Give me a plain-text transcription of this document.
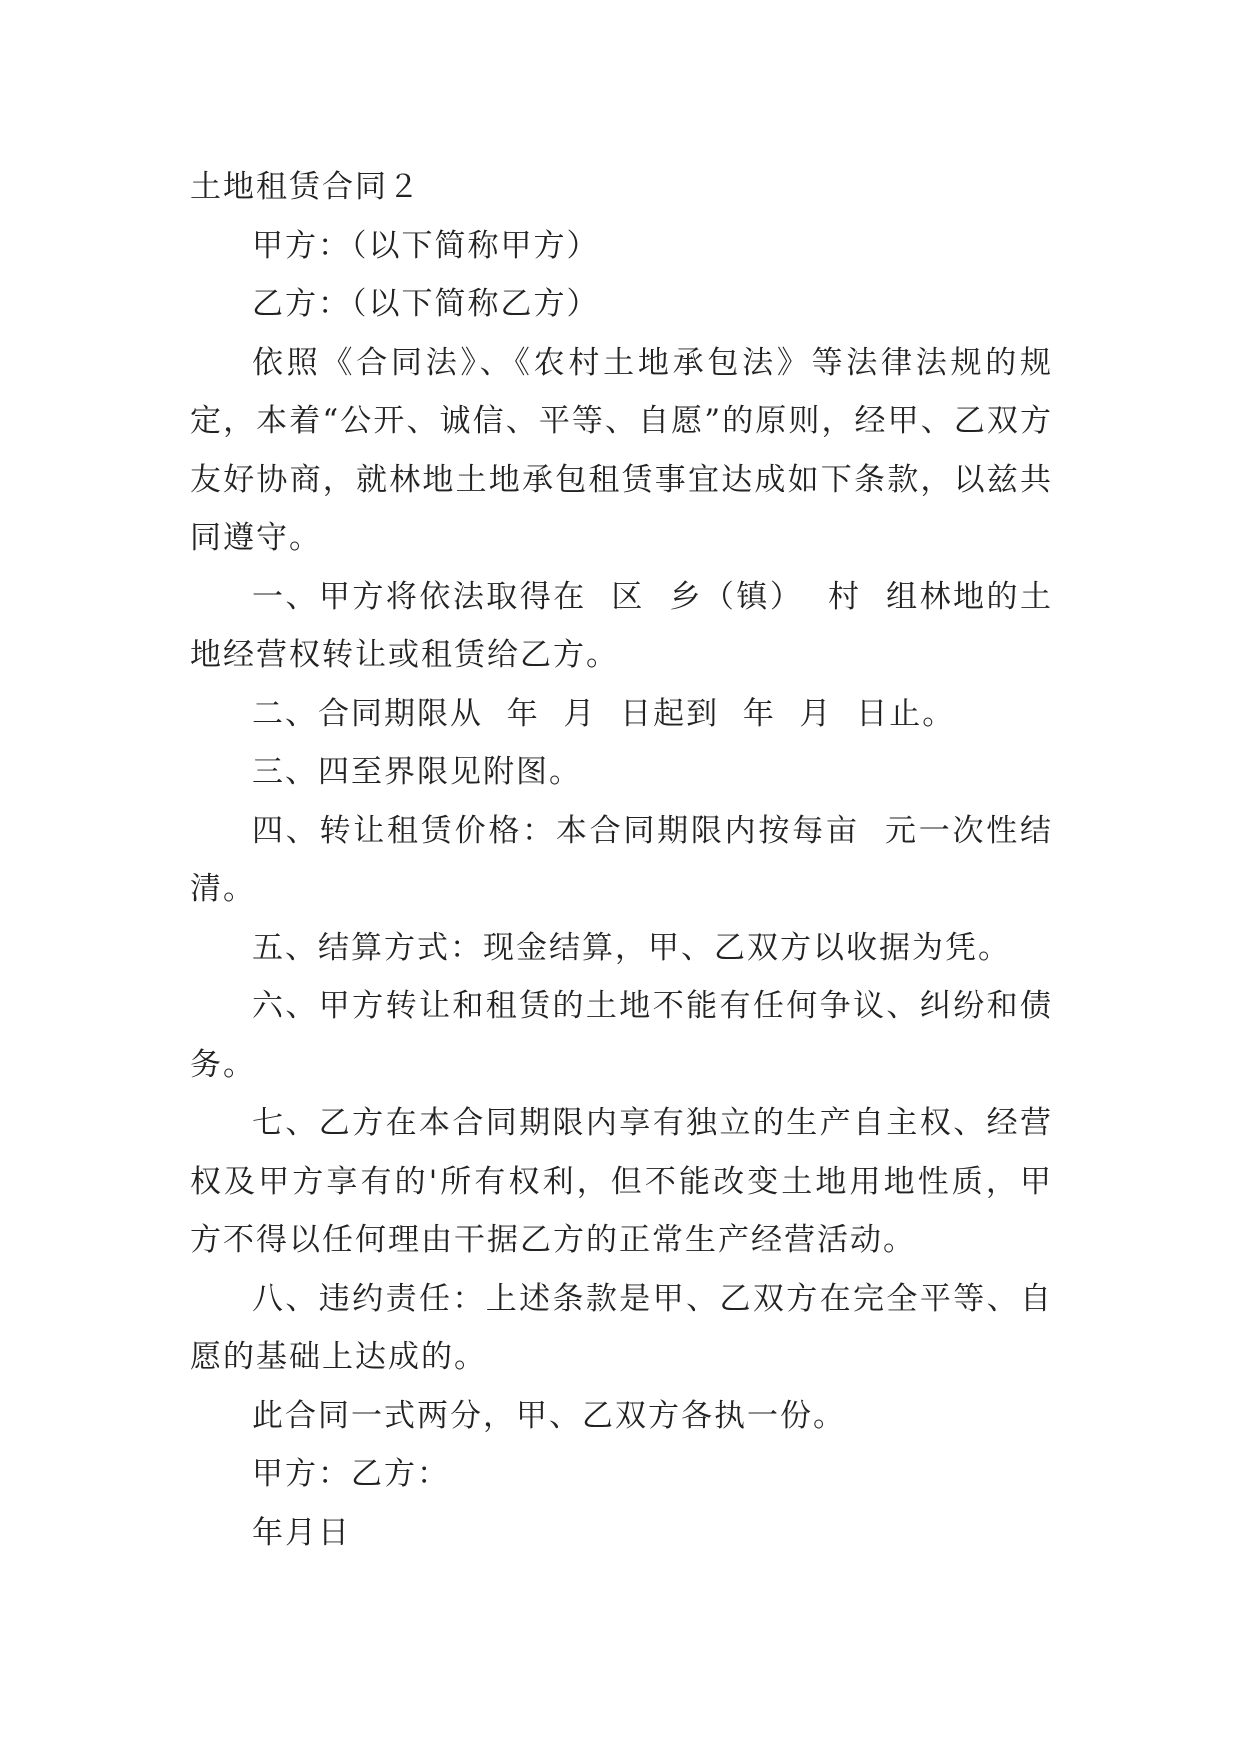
土地租赁合同２

甲方：（以下简称甲方）

乙方：（以下简称乙方）

依照《合同法》、《农村土地承包法》等法律法规的规定，本着“公开、诚信、平等、自愿”的原则，经甲、乙双方友好协商，就林地土地承包租赁事宜达成如下条款，以兹共同遵守。

一、甲方将依法取得在  区  乡（镇）  村  组林地的土地经营权转让或租赁给乙方。

二、合同期限从  年  月  日起到  年  月  日止。

三、四至界限见附图。

四、转让租赁价格：本合同期限内按每亩  元一次性结清。

五、结算方式：现金结算，甲、乙双方以收据为凭。

六、甲方转让和租赁的土地不能有任何争议、纠纷和债务。

七、乙方在本合同期限内享有独立的生产自主权、经营权及甲方享有的'所有权利，但不能改变土地用地性质，甲方不得以任何理由干据乙方的正常生产经营活动。

八、违约责任：上述条款是甲、乙双方在完全平等、自愿的基础上达成的。

此合同一式两分，甲、乙双方各执一份。

甲方：乙方：

年月日
